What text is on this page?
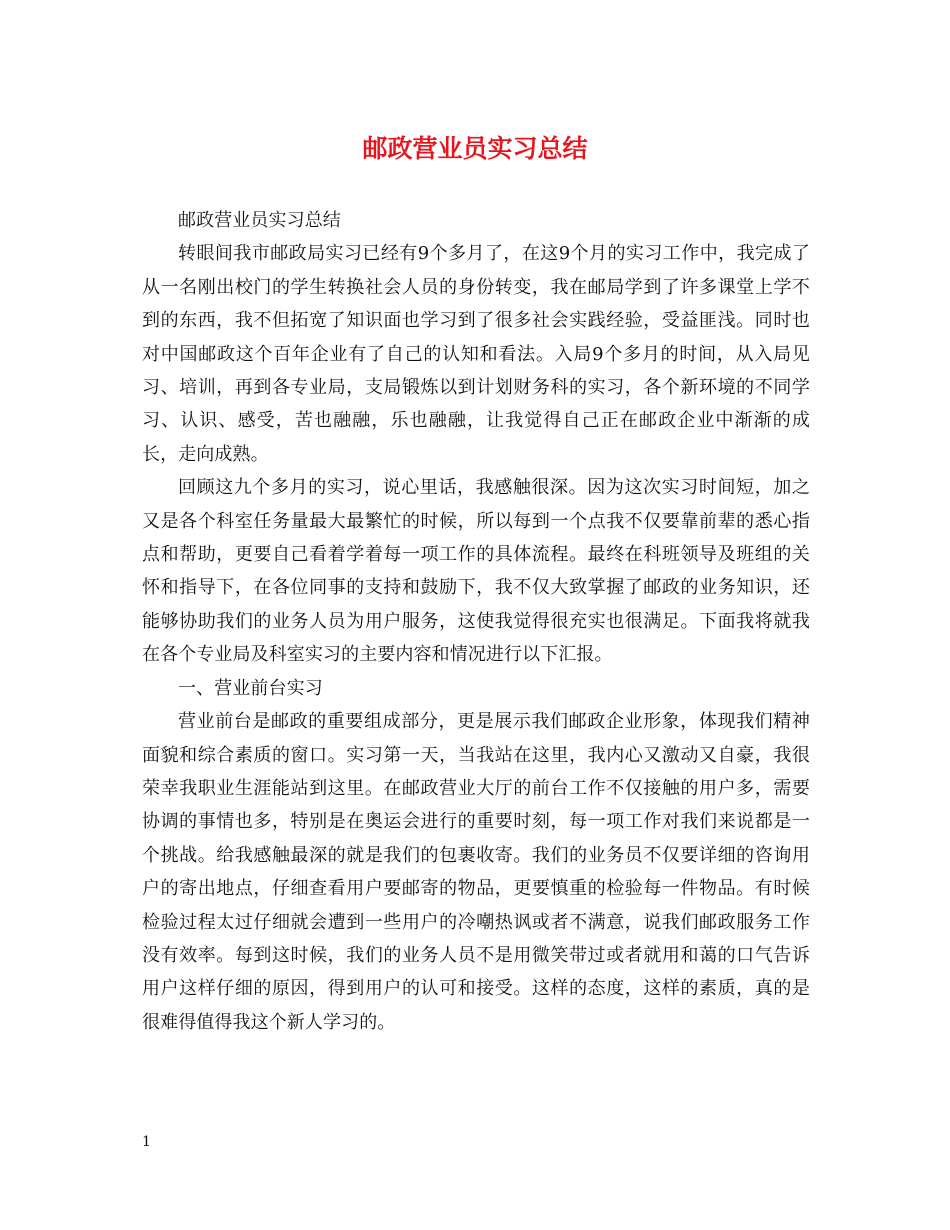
邮政营业员实习总结

邮政营业员实习总结

转眼间我市邮政局实习已经有9个多月了，在这9个月的实习工作中，我完成了从一名刚出校门的学生转换社会人员的身份转变，我在邮局学到了许多课堂上学不到的东西，我不但拓宽了知识面也学习到了很多社会实践经验，受益匪浅。同时也对中国邮政这个百年企业有了自己的认知和看法。入局9个多月的时间，从入局见习、培训，再到各专业局，支局锻炼以到计划财务科的实习，各个新环境的不同学习、认识、感受，苦也融融，乐也融融，让我觉得自己正在邮政企业中渐渐的成长，走向成熟。

回顾这九个多月的实习，说心里话，我感触很深。因为这次实习时间短，加之又是各个科室任务量最大最繁忙的时候，所以每到一个点我不仅要靠前辈的悉心指点和帮助，更要自己看着学着每一项工作的具体流程。最终在科班领导及班组的关怀和指导下，在各位同事的支持和鼓励下，我不仅大致掌握了邮政的业务知识，还能够协助我们的业务人员为用户服务，这使我觉得很充实也很满足。下面我将就我在各个专业局及科室实习的主要内容和情况进行以下汇报。

一、营业前台实习

营业前台是邮政的重要组成部分，更是展示我们邮政企业形象，体现我们精神面貌和综合素质的窗口。实习第一天，当我站在这里，我内心又激动又自豪，我很荣幸我职业生涯能站到这里。在邮政营业大厅的前台工作不仅接触的用户多，需要协调的事情也多，特别是在奥运会进行的重要时刻，每一项工作对我们来说都是一个挑战。给我感触最深的就是我们的包裹收寄。我们的业务员不仅要详细的咨询用户的寄出地点，仔细查看用户要邮寄的物品，更要慎重的检验每一件物品。有时候检验过程太过仔细就会遭到一些用户的冷嘲热讽或者不满意，说我们邮政服务工作没有效率。每到这时候，我们的业务人员不是用微笑带过或者就用和蔼的口气告诉用户这样仔细的原因，得到用户的认可和接受。这样的态度，这样的素质，真的是很难得值得我这个新人学习的。

1
